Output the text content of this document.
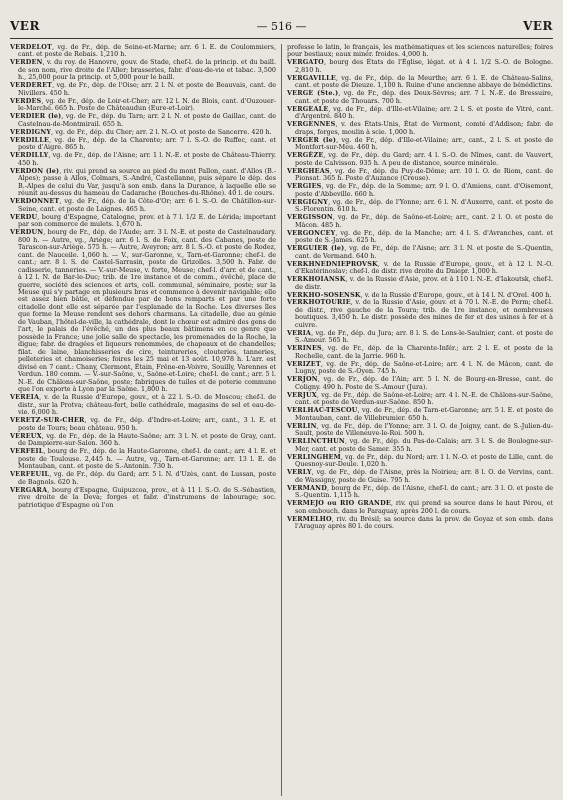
VER	— 516 —	VER

VERDELOT, vg. de Fr., dép. de Seine-et-Marne; arr. 6 l. E. de Coulommiers, cant. et poste de Rebais. 1,210 h.

VERDEN, v. du roy. de Hanovre, gouv. de Stade, chef-l. de la princip. et du baill. de son nom, rive droite de l'Aller; brasseries, fabr. d'eau-de-vie et tabac. 3,500 h., 25,000 pour la princip. et 5,000 pour le baill.

VERDERET, vg. de Fr., dép. de l'Oise; arr. 2 l. N. et poste de Beauvais, cant. de Nivillers. 450 h.

VERDES, vg. de Fr., dép. de Loir-et-Cher; arr. 12 l. N. de Blois, cant. d'Ouzouer-le-Marché. 665 h. Poste de Châteaudun (Eure-et-Loir).

VERDIER (le), vg. de Fr., dép. du Tarn; arr. 2 l. N. et poste de Gaillac, cant. de Castelnau-de-Montmirail. 655 h.

VERDIGNY, vg. de Fr., dép. du Cher; arr. 2 l. N.-O. et poste de Sancerre. 420 h.

VERDILLE, vg. de Fr., dép. de la Charente; arr. 7 l. S.-O. de Ruffec, cant. et poste d'Aigre. 865 h.

VERDILLY, vg. de Fr., dép. de l'Aisne; arr. 1 l. N.-E. et poste de Château-Thierry. 450 h.

VERDON (le), riv. qui prend sa source au pied du mont Pallon, cant. d'Allos (B.-Alpes); passe à Allos, Colmars, S.-André, Castellanne, puis sépare le dép. des B.-Alpes de celui du Var, jusqu'à son emb. dans la Durance, à laquelle elle se réunit au-dessus du hameau de Cadarache (Bouches-du-Rhône). 40 l. de cours.

VERDONNET, vg. de Fr., dép. de la Côte-d'Or; arr. 6 l. S.-O. de Châtillon-sur-Seine, cant. et poste de Laignes. 465 h.

VERDU, bourg d'Espagne, Catalogne, prov. et à 7 l. 1/2 E. de Lérida; important par son commerce de mulets. 1,670 h.

VERDUN, bourg de Fr., dép. de l'Aude; arr. 3 l. N.-E. et poste de Castelnaudary. 800 h. — Autre, vg., Ariège; arr. 6 l. S. de Foix, cant. des Cabanes, poste de Tarascon-sur-Ariège. 575 h. — Autre, Aveyron; arr. 8 l. S.-O. et poste de Rodez, cant. de Nauceile. 1,060 h. — V., sur-Garonne, v., Tarn-et-Garonne; chef-l. de cant.; arr. 8 l. S. de Castel-Sarrasin, poste de Grizolles. 3,500 h. Fabr. de cadisserie, tanneries. — V.-sur-Meuse, v. forte, Meuse; chef-l. d'arr. et de cant., à 12 l. N. de Bar-le-Duc; trib. de 1re instance et de comm., évêché, place de guerre, société des sciences et arts, coll. communal, séminaire, poste; sur la Meuse qui s'y partage en plusieurs bras et commence à devenir navigable; elle est assez bien bâtie, et défendue par de bons remparts et par une forte citadelle dont elle est séparée par l'esplanade de la Roche. Les diverses îles que forme la Meuse rendent ses dehors charmans. La citadelle, due au génie de Vauban, l'hôtel-de-ville, la cathédrale, dont le chœur est admiré des gens de l'art, le palais de l'évêché, un des plus beaux bâtimens en ce genre que possède la France; une jolie salle de spectacle, les promenades de la Roche, la digue; fabr. de dragées et liqueurs renommées, de chapeaux et de chandelles; filat. de laine, blanchisseries de cire, teintureries, clouteries, tanneries, pelleteries et chamoiseries; foires les 25 mai et 13 août. 10,978 h. L'arr. est divisé en 7 cant.: Chany, Clermont, Étain, Frêne-en-Voivre, Souilly, Varennes et Verdun. 180 comm. — V.-sur-Saône, v., Saône-et-Loire; chef-l. de cant.; arr. 5 l. N.-E. de Châlons-sur-Saône, poste; fabriques de tuiles et de poterie commune que l'on exporte à Lyon par la Saône. 1,800 h.

VEREIA, v. de la Russie d'Europe, gouv., et à 22 l. S.-O. de Moscou; chef-l. de distr., sur la Protva; château-fort, belle cathédrale, magasins de sel et eau-de-vie. 6,000 h.

VERETZ-SUR-CHER, vg. de Fr., dép. d'Indre-et-Loire; arr., cant., 3 l. E. et poste de Tours; beau château. 950 h.

VEREUX, vg. de Fr., dép. de la Haute-Saône; arr. 3 l. N. et poste de Gray, cant. de Dampierre-sur-Salon. 360 h.

VERFEIL, bourg de Fr., dép. de la Haute-Garonne, chef-l. de cant.; arr. 4 l. E. et poste de Toulouse. 2,445 h. — Autre, vg., Tarn-et-Garonne; arr. 13 l. E. de Montauban, cant. et poste de S.-Antonin. 730 h.

VERFEUIL, vg. de Fr., dép. du Gard; arr. 5 l. N. d'Uzès, cant. de Lussan, poste de Bagnols. 620 h.

VERGARA, bourg d'Espagne, Guipuzcoa, prov., et à 11 l. S.-O. de S.-Sébastien, rive droite de la Deva; forges et fabr. d'instrumens de labourage; soc. patriotique d'Espagne où l'on

professe le latin, le français, les mathématiques et les sciences naturelles; foires pour bestiaux; eaux minér. froides. 4,000 h.

VERGATO, bourg des États de l'Église, légat. et à 4 l. 1/2 S.-O. de Bologne. 2,810 h.

VERGAVILLE, vg. de Fr., dép. de la Meurthe; arr. 6 l. E. de Château-Salins, cant. et poste de Dieuze. 1,100 h. Ruine d'une ancienne abbaye de bénédictins.

VERGE (Ste.), vg. de Fr., dép. des Deux-Sèvres; arr. 7 l. N.-E. de Bressuire, cant. et poste de Thouars. 700 h.

VERGEALE, vg. de Fr., dép. d'Ille-et-Vilaine; arr. 2 l. S. et poste de Vitré, cant. d'Argentré. 840 h.

VERGENNES, v. des États-Unis, État de Vermont, comté d'Addison; fabr. de draps, forges, moulin à scie. 1,000 h.

VERGER (le), vg. de Fr., dép. d'Ille-et-Vilaine; arr., cant., 2 l. S. et poste de Montfort-sur-Meu. 460 h.

VERGÈZE, vg. de Fr., dép. du Gard; arr. 4 l. S.-O. de Nîmes, cant. de Vauvert, poste de Calvisson. 935 h. A peu de distance, source minérale.

VERGHEAS, vg. de Fr., dép. du Puy-de-Dôme; arr. 10 l. O. de Riom, cant. de Pionsat. 365 h. Poste d'Auzance (Creuse).

VERGIES, vg. de Fr., dép. de la Somme; arr. 9 l. O. d'Amiens, cant. d'Oisemont, poste d'Abbeville. 660 h.

VERGIGNY, vg. de Fr., dép. de l'Yonne; arr. 6 l. N. d'Auxerre, cant. et poste de S.-Florentin. 610 h.

VERGISSON, vg. de Fr., dép. de Saône-et-Loire; arr., cant. 2 l. O. et poste de Mâcon. 485 h.

VERGONCEY, vg. de Fr., dép. de la Manche; arr. 4 l. S. d'Avranches, cant. et poste de S.-James. 625 h.

VERGUIER (le), vg. de Fr., dép. de l'Aisne; arr. 3 l. N. et poste de S.-Quentin, cant. de Vermand. 640 h.

VERKHNEDNIEPROVSK, v. de la Russie d'Europe, gouv., et à 12 l. N.-O. d'Ekatérinoslav; chef-l. de distr. rive droite du Dniepr. 1,000 h.

VERKHOIANSK, v. de la Russie d'Asie, prov. et à 110 l. N.-E. d'Iakoutsk, chef-l. de distr.

VERKHO-SOSENSK, v. de la Russie d'Europe, gouv., et à 14 l. N. d'Orel. 400 h.

VERKHOTOURIE, v. de la Russie d'Asie, gouv. et à 70 l. N.-E. de Perm; chef-l. de distr., rive gauche de la Toura; trib. de 1re instance, et nombreuses boutiques. 3,450 h. Le distr. possède des mines de fer et des usines à fer et à cuivre.

VERIA, vg. de Fr., dép. du Jura; arr. 8 l. S. de Lons-le-Saulnier, cant. et poste de S.-Amour. 565 h.

VERINES, vg. de Fr., dép. de la Charente-Infér.; arr. 2 l. E. et poste de la Rochelle, cant. de la Jarrie. 960 h.

VERIZET, vg. de Fr., dép. de Saône-et-Loire; arr. 4 l. N. de Mâcon, cant. de Lugny, poste de S.-Oyen. 745 h.

VERJON, vg. de Fr., dép. de l'Ain; arr. 5 l. N. de Bourg-en-Bresse, cant. de Coligny. 490 h. Poste de S.-Amour (Jura).

VERJUX, vg. de Fr., dép. de Saône-et-Loire; arr. 4 l. N.-E. de Châlons-sur-Saône, cant. et poste de Verdun-sur-Saône. 850 h.

VERLHAC-TESCOU, vg. de Fr., dép. de Tarn-et-Garonne; arr. 5 l. E. et poste de Montauban, cant. de Villebrumier. 650 h.

VERLIN, vg. de Fr., dép. de l'Yonne; arr. 3 l. O. de Joigny, cant. de S.-Julien-du-Sault, poste de Villeneuve-le-Roi. 500 h.

VERLINCTHUN, vg. de Fr., dép. du Pas-de-Calais; arr. 3 l. S. de Boulogne-sur-Mer, cant. et poste de Samer. 355 h.

VERLINGHEM, vg. de Fr., dép. du Nord; arr. 1 l. N.-O. et poste de Lille, cant. de Quesnoy-sur-Deule. 1,020 h.

VERLY, vg. de Fr., dép. de l'Aisne, près la Noirieu; arr. 8 l. O. de Vervins, cant. de Wassigny, poste de Guise. 795 h.

VERMAND, bourg de Fr., dép. de l'Aisne, chef-l. de cant.; arr. 3 l. O. et poste de S.-Quentin. 1,115 h.

VERMEJO ou RIO GRANDE, riv. qui prend sa source dans le haut Pérou, et son embouch. dans le Paraguay, après 200 l. de cours.

VERMELHO, riv. du Brésil; sa source dans la prov. de Goyaz et son emb. dans l'Araguay après 80 l. de cours.
